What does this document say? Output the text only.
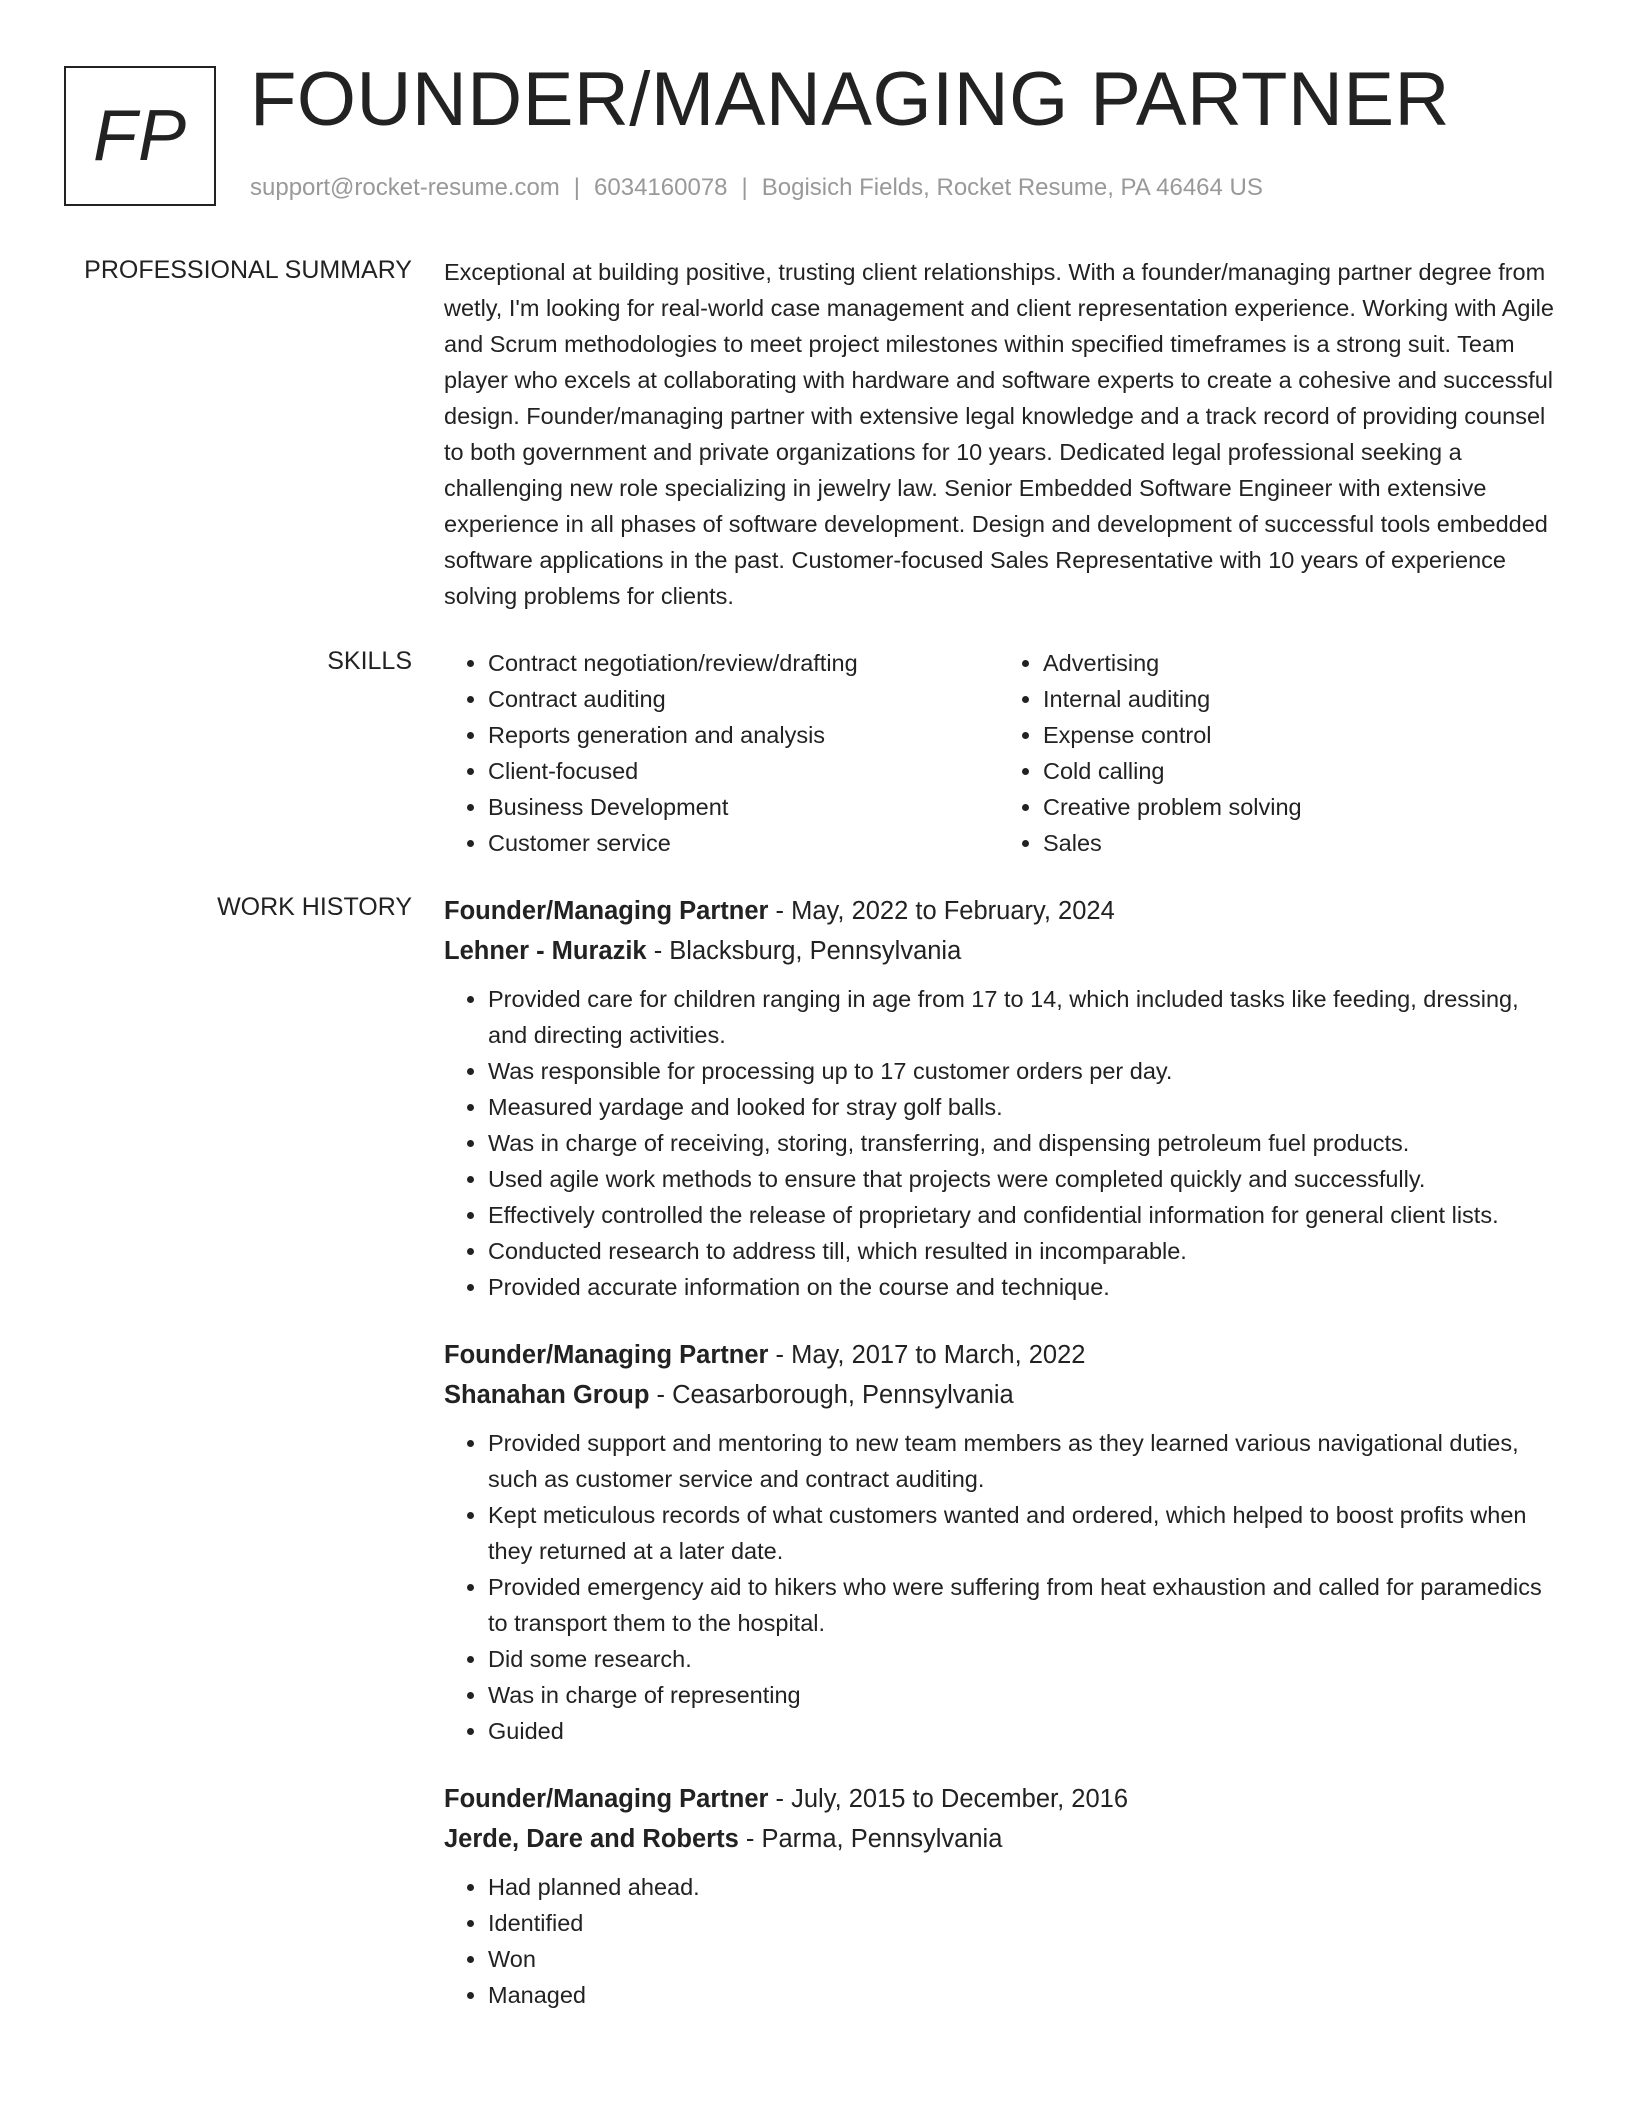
FP FOUNDER/MANAGING PARTNER
support@rocket-resume.com | 6034160078 | Bogisich Fields, Rocket Resume, PA 46464 US
PROFESSIONAL SUMMARY Exceptional at building positive, trusting client relationships. With a founder/managing partner degree from wetly, I'm looking for real-world case management and client representation experience. Working with Agile and Scrum methodologies to meet project milestones within specified timeframes is a strong suit. Team player who excels at collaborating with hardware and software experts to create a cohesive and successful design. Founder/managing partner with extensive legal knowledge and a track record of providing counsel to both government and private organizations for 10 years. Dedicated legal professional seeking a challenging new role specializing in jewelry law. Senior Embedded Software Engineer with extensive experience in all phases of software development. Design and development of successful tools embedded software applications in the past. Customer-focused Sales Representative with 10 years of experience solving problems for clients.

SKILLS
•	Contract negotiation/review/drafting
• Contract auditing
• Reports generation and analysis
• Client-focused
• Business Development
• Customer service
• Advertising
• Internal auditing
• Expense control
• Cold calling
• Creative problem solving
• Sales
WORK HISTORY Founder/Managing Partner - May, 2022 to February, 2024
Lehner - Murazik - Blacksburg, Pennsylvania
• Provided care for children ranging in age from 17 to 14, which included tasks like feeding, dressing, and directing activities.
• Was responsible for processing up to 17 customer orders per day.
• Measured yardage and looked for stray golf balls.
• Was in charge of receiving, storing, transferring, and dispensing petroleum fuel products.
• Used agile work methods to ensure that projects were completed quickly and successfully.
• Effectively controlled the release of proprietary and confidential information for general client lists.
• Conducted research to address till, which resulted in incomparable.
• Provided accurate information on the course and technique.
Founder/Managing Partner - May, 2017 to March, 2022
Shanahan Group - Ceasarborough, Pennsylvania
• Provided support and mentoring to new team members as they learned various navigational duties, such as customer service and contract auditing.
• Kept meticulous records of what customers wanted and ordered, which helped to boost profits when they returned at a later date.
• Provided emergency aid to hikers who were suffering from heat exhaustion and called for paramedics to transport them to the hospital.
• Did some research.
• Was in charge of representing
• Guided
Founder/Managing Partner - July, 2015 to December, 2016
Jerde, Dare and Roberts - Parma, Pennsylvania
• Had planned ahead.
• Identified
• Won
• Managed
